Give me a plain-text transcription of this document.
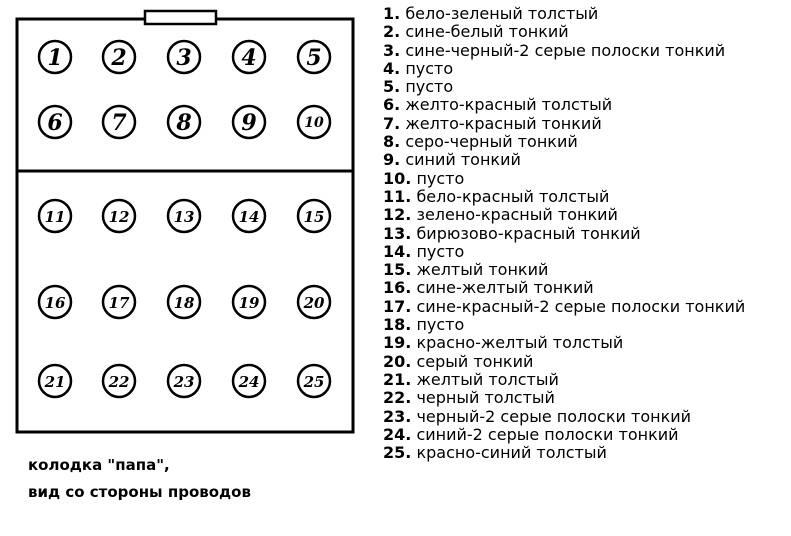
1 2 3 4 5
6 7 8 9	10
11	12	13	14	15
16	17	18	19	20
21	22	23	24	25
1. бело-зеленый толстый
2. сине-белый тонкий
3. сине-черный-2 серые полоски тонкий
4. пусто
5. пусто
6. желто-красный толстый
7. желто-красный тонкий
8. серо-черный тонкий
9. синий тонкий
10. пусто
11. бело-красный толстый
12. зелено-красный тонкий
13. бирюзово-красный тонкий
14. пусто
15. желтый тонкий
16. сине-желтый тонкий
17. сине-красный-2 серые полоски тонкий
18. пусто
19. красно-желтый толстый
20. серый тонкий
21. желтый толстый
22. черный толстый
23. черный-2 серые полоски тонкий
24. синий-2 серые полоски тонкий
25. красно-синий толстый
колодка "папа",
вид со стороны проводов
